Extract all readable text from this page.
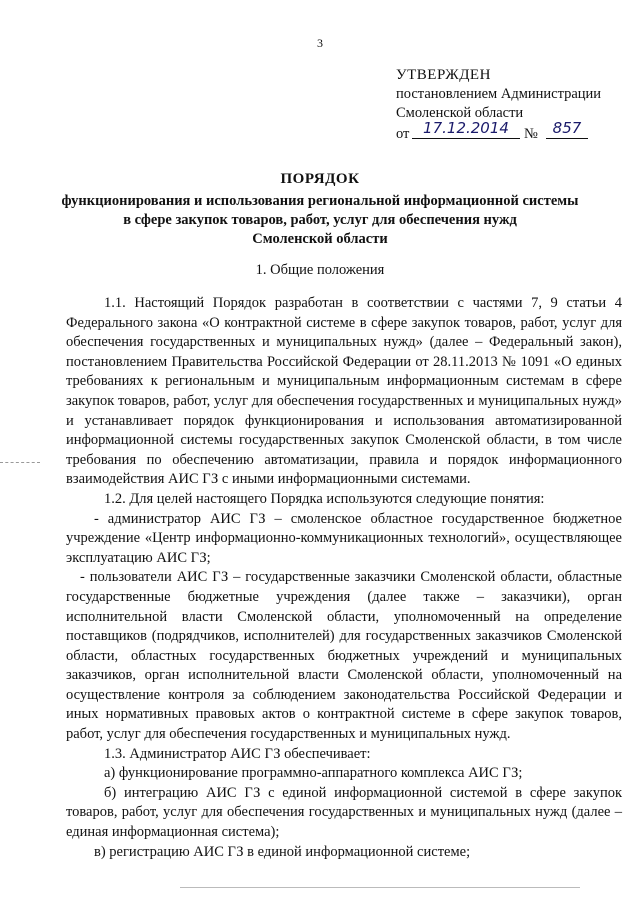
3
УТВЕРЖДЕН
постановлением Администрации
Смоленской области
от 17.12.2014	№ 857
ПОРЯДОК
функционирования и использования региональной информационной системы
в сфере закупок товаров, работ, услуг для обеспечения нужд
Смоленской области
1. Общие положения

1.1. Настоящий Порядок разработан в соответствии с частями 7, 9 статьи 4 Федерального закона «О контрактной системе в сфере закупок товаров, работ, услуг для обеспечения государственных и муниципальных нужд» (далее – Федеральный закон), постановлением Правительства Российской Федерации от 28.11.2013 № 1091 «О единых требованиях к региональным и муниципальным информационным системам в сфере закупок товаров, работ, услуг для обеспечения государственных и муниципальных нужд» и устанавливает порядок функционирования и использования автоматизированной информационной системы государственных закупок Смоленской области, в том числе требования по обеспечению автоматизации, правила и порядок информационного взаимодействия АИС ГЗ с иными информационными системами.

1.2. Для целей настоящего Порядка используются следующие понятия:

- администратор АИС ГЗ – смоленское областное государственное бюджетное учреждение «Центр информационно-коммуникационных технологий», осуществляющее эксплуатацию АИС ГЗ;

- пользователи АИС ГЗ – государственные заказчики Смоленской области, областные государственные бюджетные учреждения (далее также – заказчики), орган исполнительной власти Смоленской области, уполномоченный на определение поставщиков (подрядчиков, исполнителей) для государственных заказчиков Смоленской области, областных государственных бюджетных учреждений и муниципальных заказчиков, орган исполнительной власти Смоленской области, уполномоченный на осуществление контроля за соблюдением законодательства Российской Федерации и иных нормативных правовых актов о контрактной системе в сфере закупок товаров, работ, услуг для обеспечения государственных и муниципальных нужд.

1.3. Администратор АИС ГЗ обеспечивает:

а) функционирование программно-аппаратного комплекса АИС ГЗ;

б) интеграцию АИС ГЗ с единой информационной системой в сфере закупок товаров, работ, услуг для обеспечения государственных и муниципальных нужд (далее – единая информационная система);

в) регистрацию АИС ГЗ в единой информационной системе;
